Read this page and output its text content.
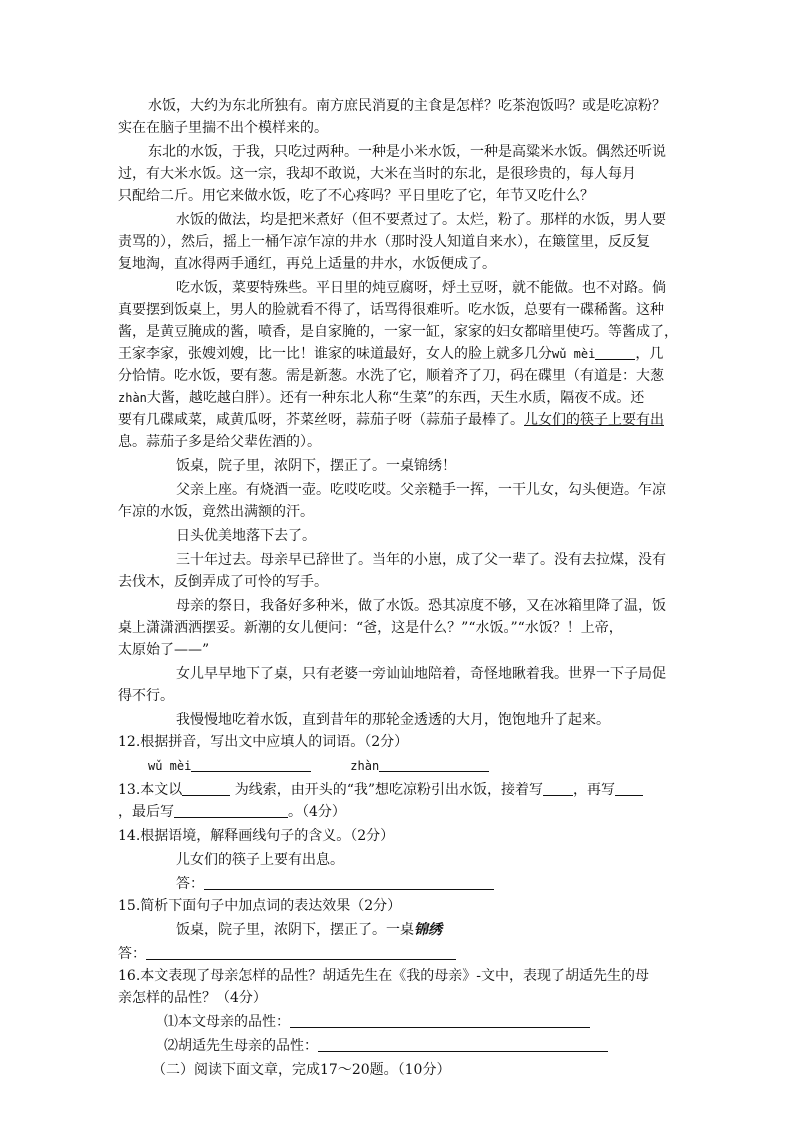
水饭，大约为东北所独有。南方庶民消夏的主食是怎样？吃茶泡饭吗？或是吃凉粉？
实在在脑子里揣不出个模样来的。
东北的水饭，于我，只吃过两种。一种是小米水饭，一种是高粱米水饭。偶然还听说
过，有大米水饭。这一宗，我却不敢说，大米在当时的东北，是很珍贵的，每人每月
只配给二斤。用它来做水饭，吃了不心疼吗？平日里吃了它，年节又吃什么？
水饭的做法，均是把米煮好（但不要煮过了。太烂，粉了。那样的水饭，男人要
责骂的），然后，摇上一桶乍凉乍凉的井水（那时没人知道自来水），在簸筐里，反反复
复地淘，直冰得两手通红，再兑上适量的井水，水饭便成了。
吃水饭，菜要特殊些。平日里的炖豆腐呀，烀土豆呀，就不能做。也不对路。倘
真要摆到饭桌上，男人的脸就看不得了，话骂得很难听。吃水饭，总要有一碟稀酱。这种
酱，是黄豆腌成的酱，喷香，是自家腌的，一家一缸，家家的妇女都暗里使巧。等酱成了，
王家李家，张嫂刘嫂，比一比！谁家的味道最好，女人的脸上就多几分wǔ mèi	，几
分恰情。吃水饭，要有葱。需是新葱。水洗了它，顺着齐了刀，码在碟里（有道是：大葱
zhàn大酱，越吃越白胖）。还有一种东北人称“生菜”的东西，天生水质，隔夜不成。还
要有几碟咸菜，咸黄瓜呀，芥菜丝呀，蒜茄子呀（蒜茄子最棒了。儿女们的筷子上要有出
息。蒜茄子多是给父辈佐酒的）。
饭桌，院子里，浓阴下，摆正了。一桌锦绣！
父亲上座。有烧酒一壶。吃哎吃哎。父亲糙手一挥，一干儿女，勾头便造。乍凉
乍凉的水饭，竟然出满额的汗。
日头优美地落下去了。
三十年过去。母亲早已辞世了。当年的小崽，成了父一辈了。没有去拉煤，没有
去伐木，反倒弄成了可怜的写手。
母亲的祭日，我备好多种米，做了水饭。恐其凉度不够，又在冰箱里降了温，饭
桌上潇潇洒洒摆妥。新潮的女儿便问：“爸，这是什么？”“水饭。”“水饭？！上帝，
太原始了——”
女儿早早地下了桌，只有老婆一旁讪讪地陪着，奇怪地瞅着我。世界一下子局促
得不行。
我慢慢地吃着水饭，直到昔年的那轮金透透的大月，饱饱地升了起来。
12.根据拼音，写出文中应填人的词语。（2分）
wǔ mèi	zhàn
13.本文以	为线索，由开头的“我”想吃凉粉引出水饭，接着写 ，再写
，最后写	。（4分）
14.根据语境，解释画线句子的含义。（2分）
儿女们的筷子上要有出息。
答：
15.简析下面句子中加点词的表达效果（2分）
饭桌，院子里，浓阴下，摆正了。一桌锦绣
答：
16.本文表现了母亲怎样的品性？胡适先生在《我的母亲》-文中，表现了胡适先生的母
亲怎样的品性？（4分）
⑴本文母亲的品性：
⑵胡适先生母亲的品性：
（二）阅读下面文章，完成17～20题。（10分）
